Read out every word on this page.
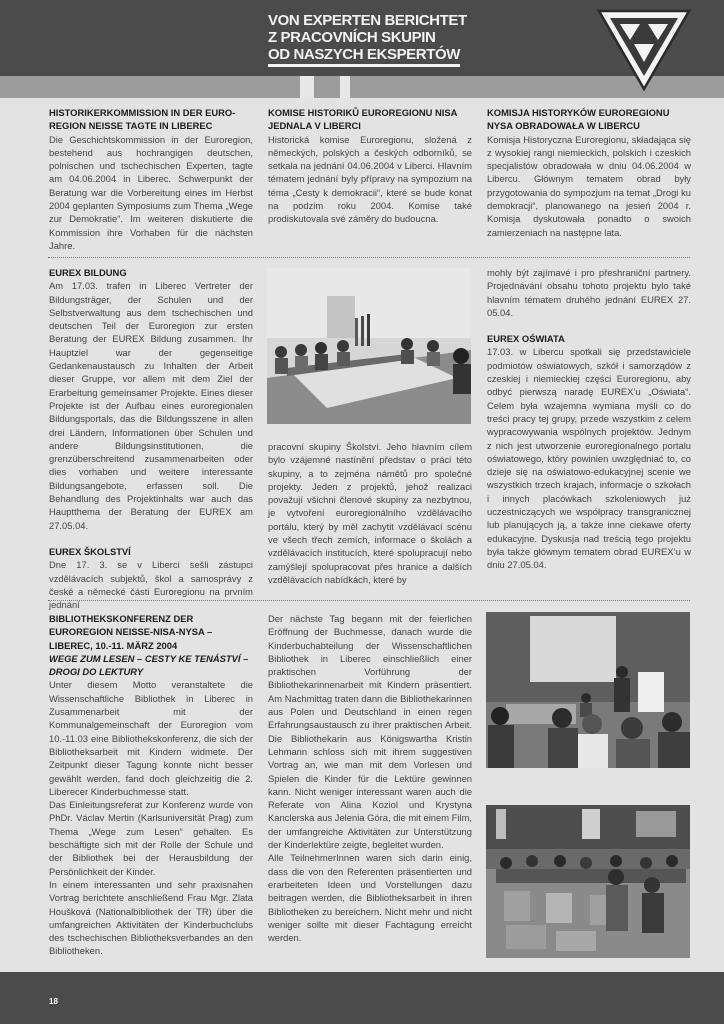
VON EXPERTEN BERICHTET
Z PRACOVNÍCH SKUPIN
OD NASZYCH EKSPERTÓW
HISTORIKERKOMMISSION IN DER EURO-REGION NEISSE TAGTE IN LIBEREC

Die Geschichtskommission in der Euroregion, bestehend aus hochrangigen deutschen, polnischen und tschechischen Experten, tagte am 04.06.2004 in Liberec. Schwerpunkt der Beratung war die Vorbereitung eines im Herbst 2004 geplanten Symposiums zum Thema „Wege zur Demokratie“. Im weiteren diskutierte die Kommission ihre Vorhaben für die nächsten Jahre.

KOMISE HISTORIKŮ EUROREGIONU NISA JEDNALA V LIBERCI

Historická komise Euroregionu, složená z německých, polských a českých odborníků, se setkala na jednání 04.06.2004 v Liberci. Hlavním tématem jednání byly přípravy na sympozium na téma „Cesty k demokracii“, které se bude konat na podzim roku 2004. Komise také prodiskutovala své záměry do budoucna.

KOMISJA HISTORYKÓW EUROREGIONU NYSA OBRADOWAŁA W LIBERCU

Komisja Historyczna Euroregionu, składająca się z wysokiej rangi niemieckich, polskich i czeskich specjalistów obradowała w dniu 04.06.2004 w Libercu. Głównym tematem obrad były przygotowania do sympozjum na temat „Drogi ku demokracji“, planowanego na jesień 2004 r. Komisja dyskutowała ponadto o swoich zamierzeniach na następne lata.

EUREX BILDUNG

Am 17.03. trafen in Liberec Vertreter der Bildungsträger, der Schulen und der Selbstverwaltung aus dem tschechischen und deutschen Teil der Euroregion zur ersten Beratung der EUREX Bildung zusammen. Ihr Hauptziel war der gegenseitige Gedankenaustausch zu Inhalten der Arbeit dieser Gruppe, vor allem mit dem Ziel der Erarbeitung gemeinsamer Projekte. Eines dieser Projekte ist der Aufbau eines euroregionalen Bildungsportals, das die Bildungsszene in allen drei Ländern, Informationen über Schulen und andere Bildungsinstitutionen, die grenzüberschreitend zusammenarbeiten oder dies vorhaben und weitere interessante Bildungsangebote, erfassen soll. Die Behandlung des Projektinhalts war auch das Hauptthema der Beratung der EUREX am 27.05.04.

EUREX ŠKOLSTVÍ

Dne 17. 3. se v Liberci sešli zástupci vzdělávacích subjektů, škol a samosprávy z české a německé části Euroregionu na prvním jednání

pracovní skupiny Školství. Jeho hlavním cílem bylo vzájemné nastínění představ o práci této skupiny, a to zejména námětů pro společné projekty. Jeden z projektů, jehož realizaci považují všichni členové skupiny za nezbytnou, je vytvoření euroregionálního vzdělávacího portálu, který by měl zachytit vzdělávací scénu ve všech třech zemích, informace o školách a vzdělávacích institucích, které spolupracují nebo zamýšlejí spolupracovat přes hranice a dalších vzdělávacích nabídkách, které by

mohly být zajímavé i pro přeshraniční partnery. Projednávání obsahu tohoto projektu bylo také hlavním tématem druhého jednání EUREX 27. 05.04.

EUREX OŚWIATA

17.03. w Libercu spotkali się przedstawiciele podmiotów oświatowych, szkół i samorządów z czeskiej i niemieckiej części Euroregionu, aby odbyć pierwszą naradę EUREX’u „Oświata“. Celem była wzajemna wymiana myśli co do treści pracy tej grupy, przede wszystkim z celem wypracowywania wspólnych projektów. Jednym z nich jest utworzenie euroregionalnego portalu oświatowego, który powinien uwzględniać to, co dzieje się na oświatowo-edukacyjnej scenie we wszystkich trzech krajach, informacje o szkołach i innych placówkach szkoleniowych już uczestniczących we współpracy transgranicznej lub planujących ją, a także inne ciekawe oferty edukacyjne. Dyskusja nad treścią tego projektu była także głównym tematem obrad EUREX’u w dniu 27.05.04.

BIBLIOTHEKSKONFERENZ DER EUROREGION NEISSE-NISA-NYSA –
LIBEREC, 10.-11. MÄRZ 2004
WEGE ZUM LESEN – CESTY KE TENÁSTVÍ – DROGI DO LEKTURY

Unter diesem Motto veranstaltete die Wissenschaftliche Bibliothek in Liberec in Zusammenarbeit mit der Kommunalgemeinschaft der Euroregion vom 10.-11.03 eine Bibliothekskonferenz, die sich der Bibliotheksarbeit mit Kindern widmete. Der Zeitpunkt dieser Tagung konnte nicht besser gewählt werden, fand doch gleichzeitig die 2. Liberecer Kinderbuchmesse statt.

Das Einleitungsreferat zur Konferenz wurde von PhDr. Václav Mertin (Karlsuniversität Prag) zum Thema „Wege zum Lesen“ gehalten. Es beschäftigte sich mit der Rolle der Schule und der Bibliothek bei der Herausbildung der Persönlichkeit der Kinder.

In einem interessanten und sehr praxisnahen Vortrag berichtete anschließend Frau Mgr. Zlata Houšková (Nationalbibliothek der TR) über die umfangreichen Aktivitäten der Kinderbuchclubs des tschechischen Bibliotheksverbandes an den Bibliotheken.

Der nächste Tag begann mit der feierlichen Eröffnung der Buchmesse, danach wurde die Kinderbuchabteilung der Wissenschaftlichen Bibliothek in Liberec einschließlich einer praktischen Vorführung der Bibliothekarinnenarbeit mit Kindern präsentiert. Am Nachmittag traten dann die Bibliothekarinnen aus Polen und Deutschland in einen regen Erfahrungsaustausch zu ihrer praktischen Arbeit. Die Bibliothekarin aus Königswartha Kristin Lehmann schloss sich mit ihrem suggestiven Vortrag an, wie man mit dem Vorlesen und Spielen die Kinder für die Lektüre gewinnen kann. Nicht weniger interessant waren auch die Referate von Alina Koziol und Krystyna Kanclerska aus Jelenia Góra, die mit einem Film, der umfangreiche Aktivitäten zur Unterstützung der Kinderlektüre zeigte, begleitet wurden.

Alle TeilnehmerInnen waren sich darin einig, dass die von den Referenten präsentierten und erarbeiteten Ideen und Vorstellungen dazu beitragen werden, die Bibliotheksarbeit in ihren Bibliotheken zu bereichern. Nicht mehr und nicht weniger sollte mit dieser Fachtagung erreicht werden.

18
